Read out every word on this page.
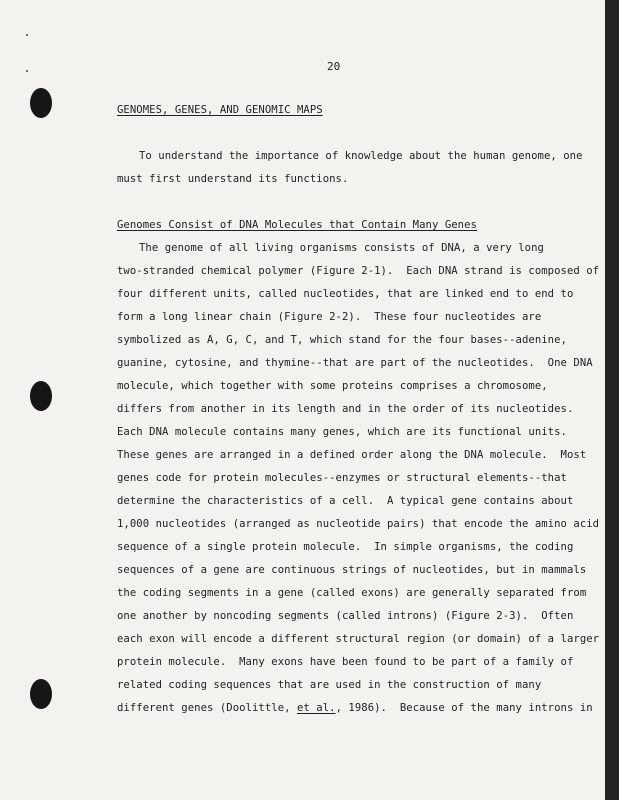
20
GENOMES, GENES, AND GENOMIC MAPS
To understand the importance of knowledge about the human genome, one
must first understand its functions.
Genomes Consist of DNA Molecules that Contain Many Genes
The genome of all living organisms consists of DNA, a very long
two-stranded chemical polymer (Figure 2-1).  Each DNA strand is composed of
four different units, called nucleotides, that are linked end to end to
form a long linear chain (Figure 2-2).  These four nucleotides are
symbolized as A, G, C, and T, which stand for the four bases--adenine,
guanine, cytosine, and thymine--that are part of the nucleotides.  One DNA
molecule, which together with some proteins comprises a chromosome,
differs from another in its length and in the order of its nucleotides.
Each DNA molecule contains many genes, which are its functional units.
These genes are arranged in a defined order along the DNA molecule.  Most
genes code for protein molecules--enzymes or structural elements--that
determine the characteristics of a cell.  A typical gene contains about
1,000 nucleotides (arranged as nucleotide pairs) that encode the amino acid
sequence of a single protein molecule.  In simple organisms, the coding
sequences of a gene are continuous strings of nucleotides, but in mammals
the coding segments in a gene (called exons) are generally separated from
one another by noncoding segments (called introns) (Figure 2-3).  Often
each exon will encode a different structural region (or domain) of a larger
protein molecule.  Many exons have been found to be part of a family of
related coding sequences that are used in the construction of many
different genes (Doolittle, et al., 1986).  Because of the many introns in
